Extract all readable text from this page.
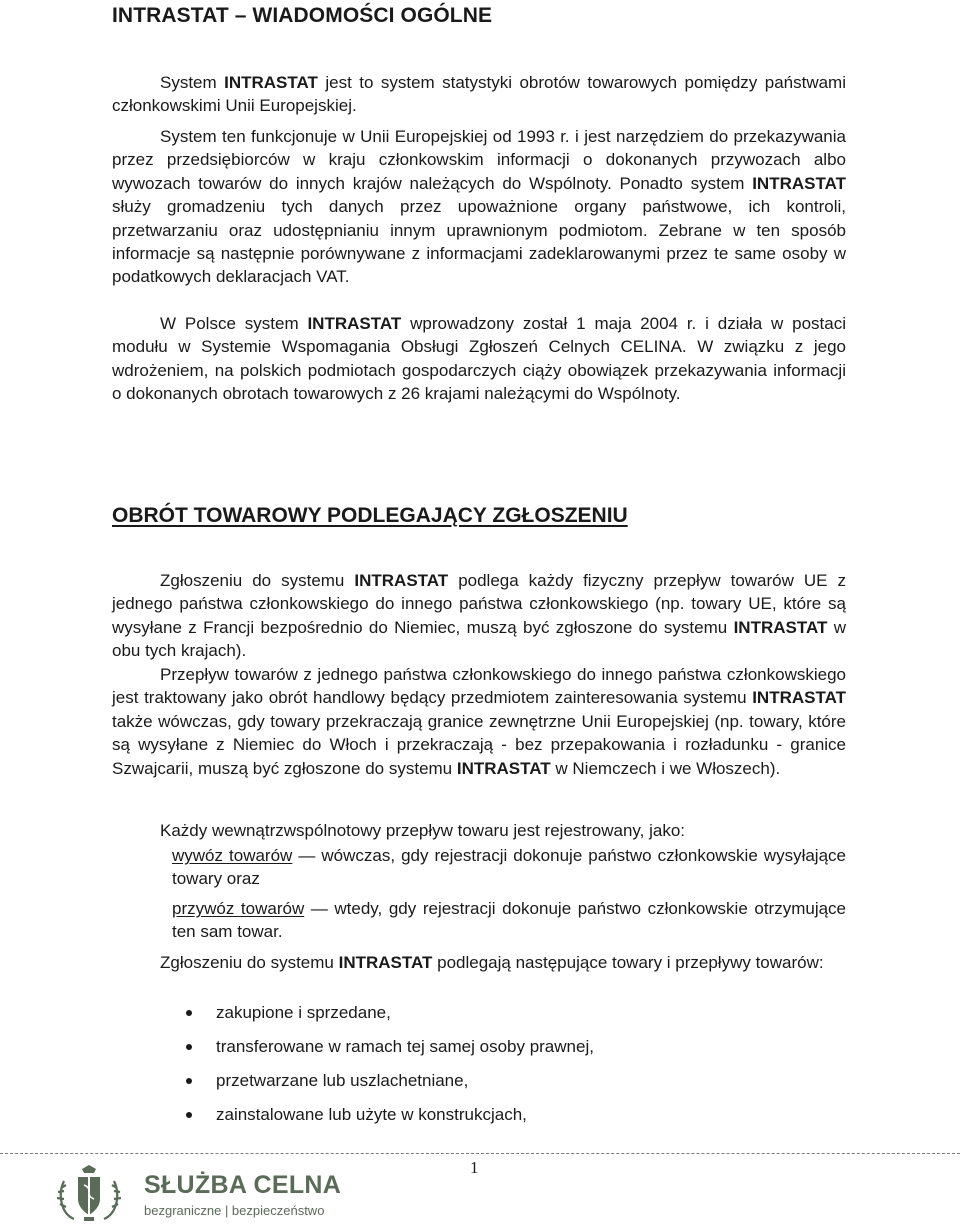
INTRASTAT – WIADOMOŚCI OGÓLNE
System INTRASTAT jest to system statystyki obrotów towarowych pomiędzy państwami członkowskimi Unii Europejskiej.
System ten funkcjonuje w Unii Europejskiej od 1993 r. i jest narzędziem do przekazywania przez przedsiębiorców w kraju członkowskim informacji o dokonanych przywozach albo wywozach towarów do innych krajów należących do Wspólnoty. Ponadto system INTRASTAT służy gromadzeniu tych danych przez upoważnione organy państwowe, ich kontroli, przetwarzaniu oraz udostępnianiu innym uprawnionym podmiotom. Zebrane w ten sposób informacje są następnie porównywane z informacjami zadeklarowanymi przez te same osoby w podatkowych deklaracjach VAT.
W Polsce system INTRASTAT wprowadzony został 1 maja 2004 r. i działa w postaci modułu w Systemie Wspomagania Obsługi Zgłoszeń Celnych CELINA. W związku z jego wdrożeniem, na polskich podmiotach gospodarczych ciąży obowiązek przekazywania informacji o dokonanych obrotach towarowych z 26 krajami należącymi do Wspólnoty.
OBRÓT TOWAROWY PODLEGAJĄCY ZGŁOSZENIU
Zgłoszeniu do systemu INTRASTAT podlega każdy fizyczny przepływ towarów UE z jednego państwa członkowskiego do innego państwa członkowskiego (np. towary UE, które są wysyłane z Francji bezpośrednio do Niemiec, muszą być zgłoszone do systemu INTRASTAT w obu tych krajach).
Przepływ towarów z jednego państwa członkowskiego do innego państwa członkowskiego jest traktowany jako obrót handlowy będący przedmiotem zainteresowania systemu INTRASTAT także wówczas, gdy towary przekraczają granice zewnętrzne Unii Europejskiej (np. towary, które są wysyłane z Niemiec do Włoch i przekraczają - bez przepakowania i rozładunku - granice Szwajcarii, muszą być zgłoszone do systemu INTRASTAT w Niemczech i we Włoszech).
Każdy wewnątrzwspólnotowy przepływ towaru jest rejestrowany, jako:
wywóz towarów — wówczas, gdy rejestracji dokonuje państwo członkowskie wysyłające towary oraz
przywóz towarów — wtedy, gdy rejestracji dokonuje państwo członkowskie otrzymujące ten sam towar.
Zgłoszeniu do systemu INTRASTAT podlegają następujące towary i przepływy towarów:
zakupione i sprzedane,
transferowane w ramach tej samej osoby prawnej,
przetwarzane lub uszlachetniane,
zainstalowane lub użyte w konstrukcjach,
1
SŁUŻBA CELNA
bezgraniczne | bezpieczeństwo
